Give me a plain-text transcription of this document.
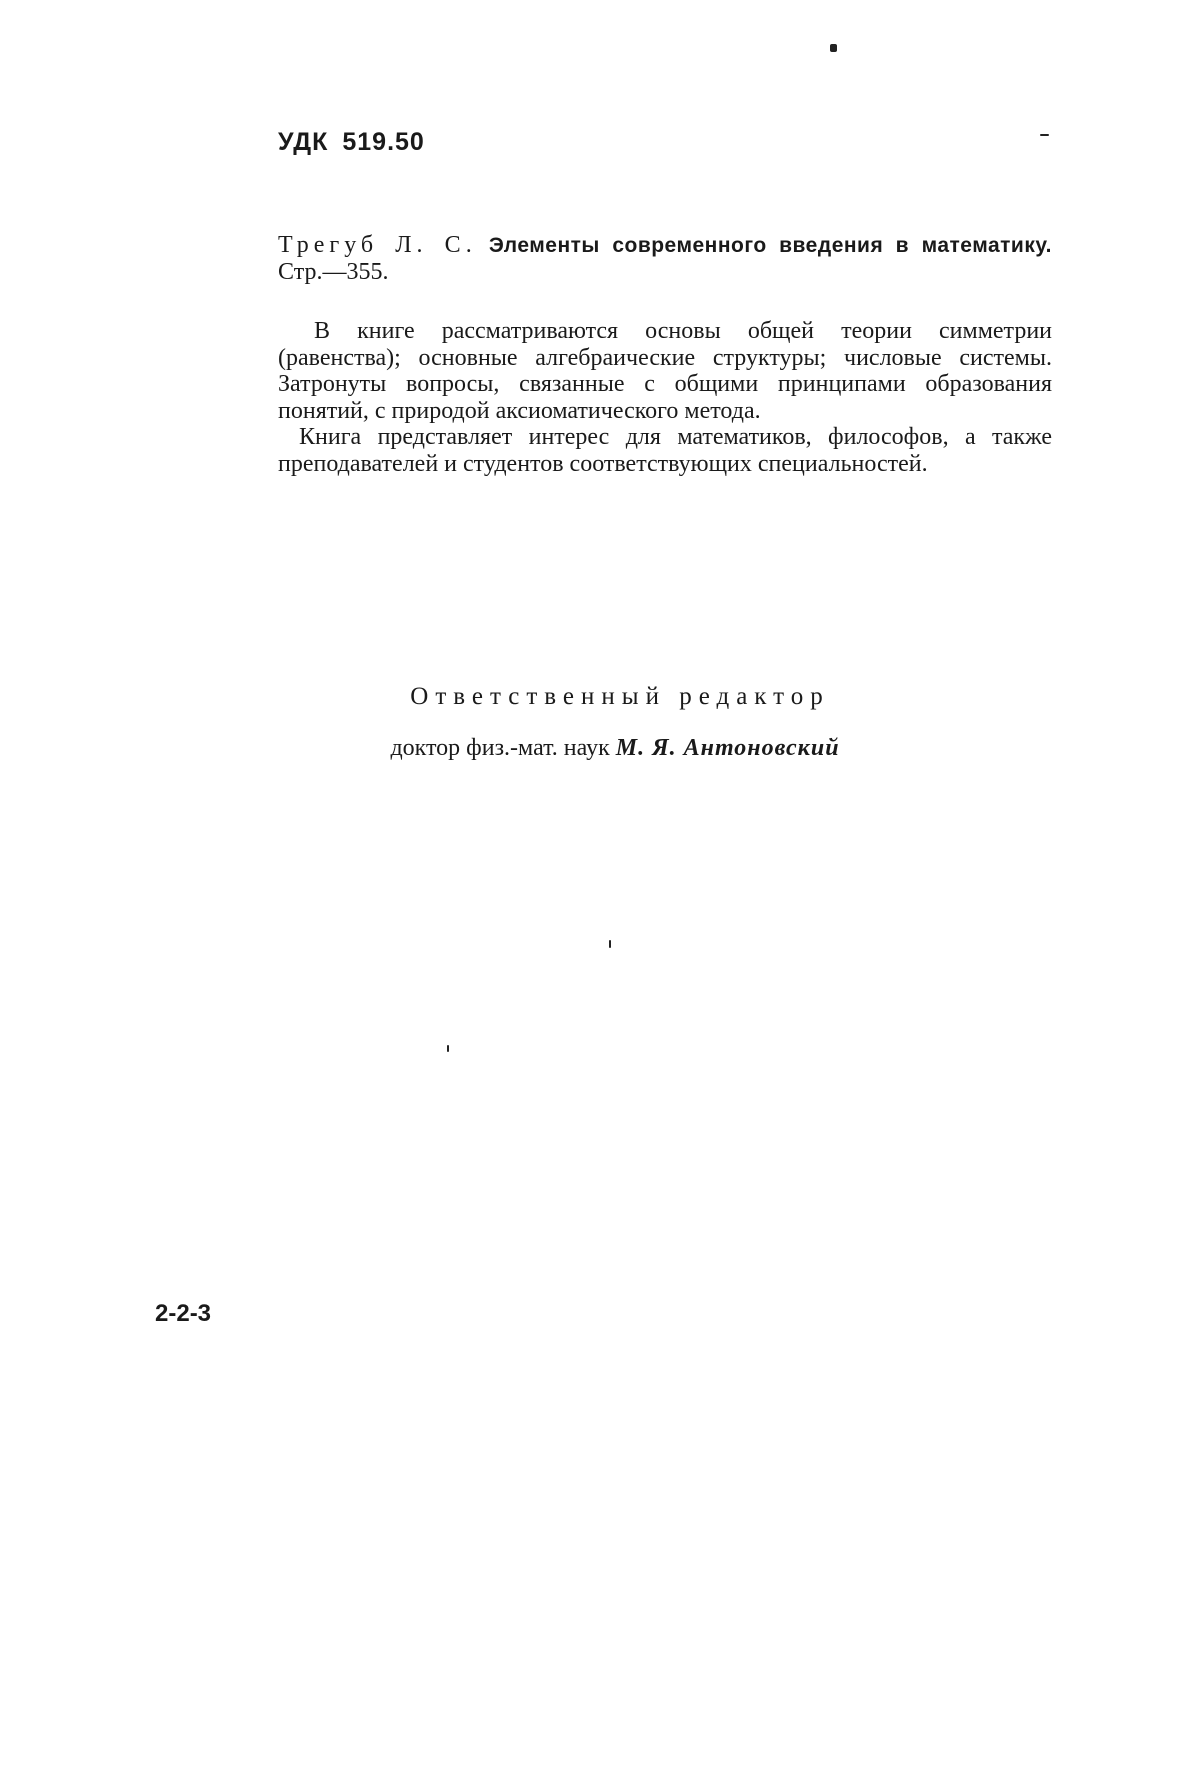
УДК 519.50
Трегуб Л. С. Элементы современного введения в математику. Стр.—355.

В книге рассматриваются основы общей теории симметрии (равенства); основные алгебраические структуры; числовые системы. Затронуты вопросы, связанные с общими принципами образования понятий, с природой аксиоматического метода.

Книга представляет интерес для математиков, философов, а также преподавателей и студентов соответствующих специальностей.

Ответственный редактор
доктор физ.-мат. наук М. Я. Антоновский
2-2-3
